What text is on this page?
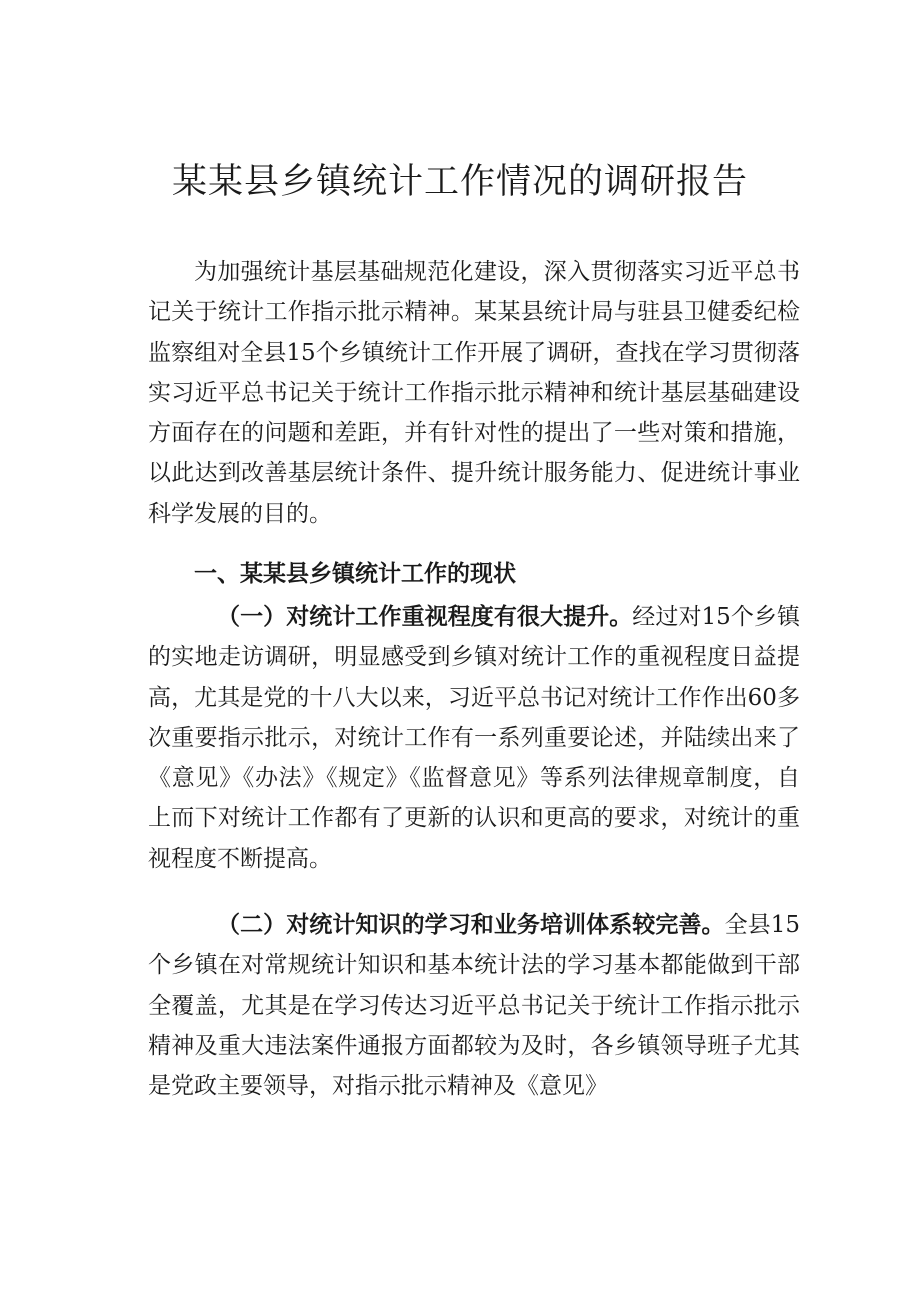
某某县乡镇统计工作情况的调研报告

为加强统计基层基础规范化建设，深入贯彻落实习近平总书记关于统计工作指示批示精神。某某县统计局与驻县卫健委纪检监察组对全县15个乡镇统计工作开展了调研，查找在学习贯彻落实习近平总书记关于统计工作指示批示精神和统计基层基础建设方面存在的问题和差距，并有针对性的提出了一些对策和措施，以此达到改善基层统计条件、提升统计服务能力、促进统计事业科学发展的目的。

一、某某县乡镇统计工作的现状

（一）对统计工作重视程度有很大提升。经过对15个乡镇的实地走访调研，明显感受到乡镇对统计工作的重视程度日益提高，尤其是党的十八大以来，习近平总书记对统计工作作出60多次重要指示批示，对统计工作有一系列重要论述，并陆续出来了《意见》《办法》《规定》《监督意见》等系列法律规章制度，自上而下对统计工作都有了更新的认识和更高的要求，对统计的重视程度不断提高。

（二）对统计知识的学习和业务培训体系较完善。全县15个乡镇在对常规统计知识和基本统计法的学习基本都能做到干部全覆盖，尤其是在学习传达习近平总书记关于统计工作指示批示精神及重大违法案件通报方面都较为及时，各乡镇领导班子尤其是党政主要领导，对指示批示精神及《意见》
